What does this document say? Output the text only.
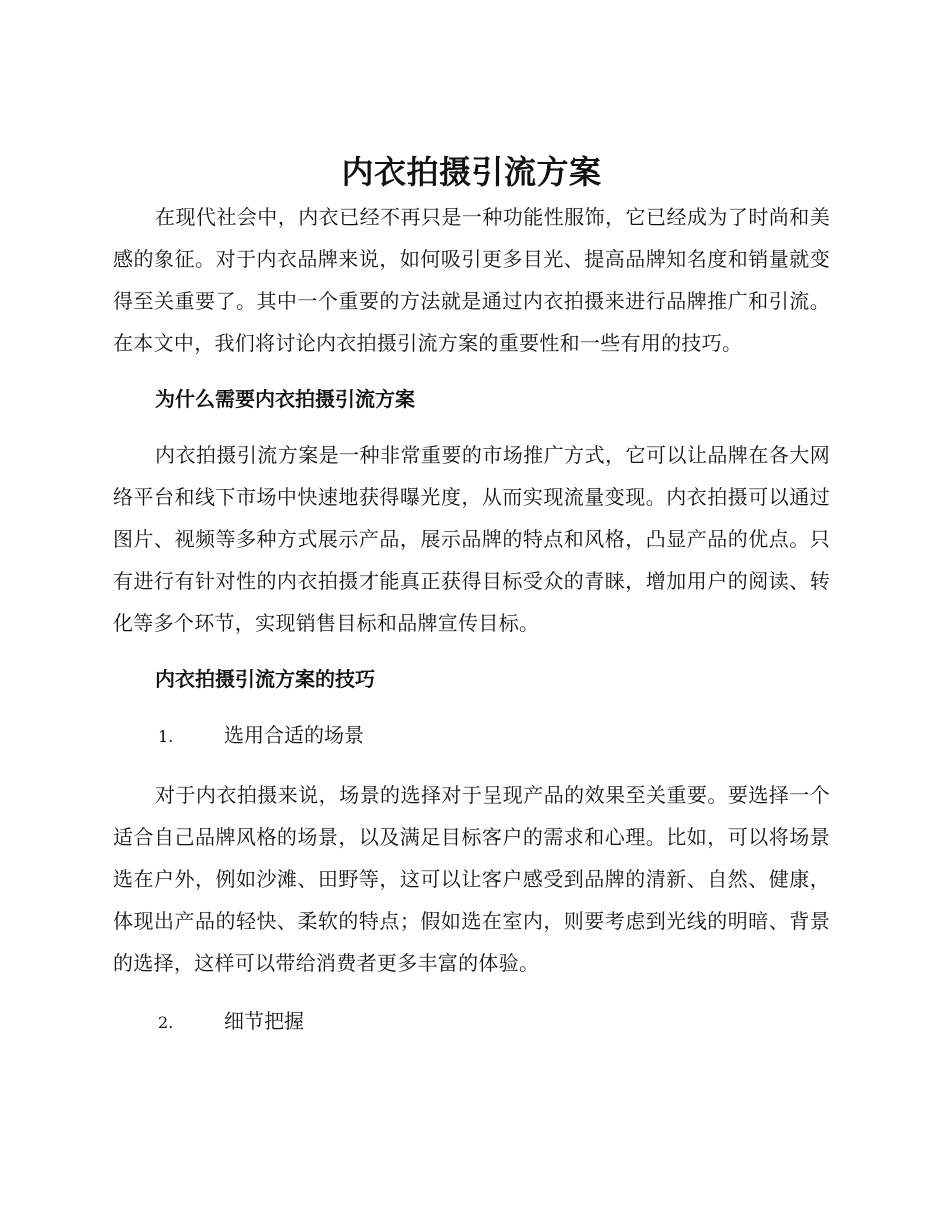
内衣拍摄引流方案

在现代社会中，内衣已经不再只是一种功能性服饰，它已经成为了时尚和美感的象征。对于内衣品牌来说，如何吸引更多目光、提高品牌知名度和销量就变得至关重要了。其中一个重要的方法就是通过内衣拍摄来进行品牌推广和引流。在本文中，我们将讨论内衣拍摄引流方案的重要性和一些有用的技巧。

为什么需要内衣拍摄引流方案

内衣拍摄引流方案是一种非常重要的市场推广方式，它可以让品牌在各大网络平台和线下市场中快速地获得曝光度，从而实现流量变现。内衣拍摄可以通过图片、视频等多种方式展示产品，展示品牌的特点和风格，凸显产品的优点。只有进行有针对性的内衣拍摄才能真正获得目标受众的青睐，增加用户的阅读、转化等多个环节，实现销售目标和品牌宣传目标。

内衣拍摄引流方案的技巧
1.	选用合适的场景

对于内衣拍摄来说，场景的选择对于呈现产品的效果至关重要。要选择一个适合自己品牌风格的场景，以及满足目标客户的需求和心理。比如，可以将场景选在户外，例如沙滩、田野等，这可以让客户感受到品牌的清新、自然、健康，体现出产品的轻快、柔软的特点；假如选在室内，则要考虑到光线的明暗、背景的选择，这样可以带给消费者更多丰富的体验。

2.	细节把握
